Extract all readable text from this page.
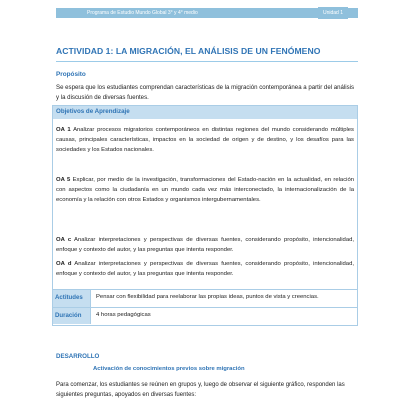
Programa de Estudio Mundo Global 3° y 4° medio	Unidad 1
ACTIVIDAD 1: LA MIGRACIÓN, EL ANÁLISIS DE UN FENÓMENO
Propósito
Se espera que los estudiantes comprendan características de la migración contemporánea a partir del análisis y la discusión de diversas fuentes.
Objetivos de Aprendizaje
OA 1 Analizar procesos migratorios contemporáneos en distintas regiones del mundo considerando múltiples causas, principales características, impactos en la sociedad de origen y de destino, y los desafíos para las sociedades y los Estados nacionales.
OA 5 Explicar, por medio de la investigación, transformaciones del Estado-nación en la actualidad, en relación con aspectos como la ciudadanía en un mundo cada vez más interconectado, la internacionalización de la economía y la relación con otros Estados y organismos intergubernamentales.
OA c Analizar interpretaciones y perspectivas de diversas fuentes, considerando propósito, intencionalidad, enfoque y contexto del autor, y las preguntas que intenta responder.
OA d Analizar interpretaciones y perspectivas de diversas fuentes, considerando propósito, intencionalidad, enfoque y contexto del autor, y las preguntas que intenta responder.
Actitudes Pensar con flexibilidad para reelaborar las propias ideas, puntos de vista y creencias.
Duración 4 horas pedagógicas
DESARROLLO
Activación de conocimientos previos sobre migración
Para comenzar, los estudiantes se reúnen en grupos y, luego de observar el siguiente gráfico, responden las siguientes preguntas, apoyados en diversas fuentes:
